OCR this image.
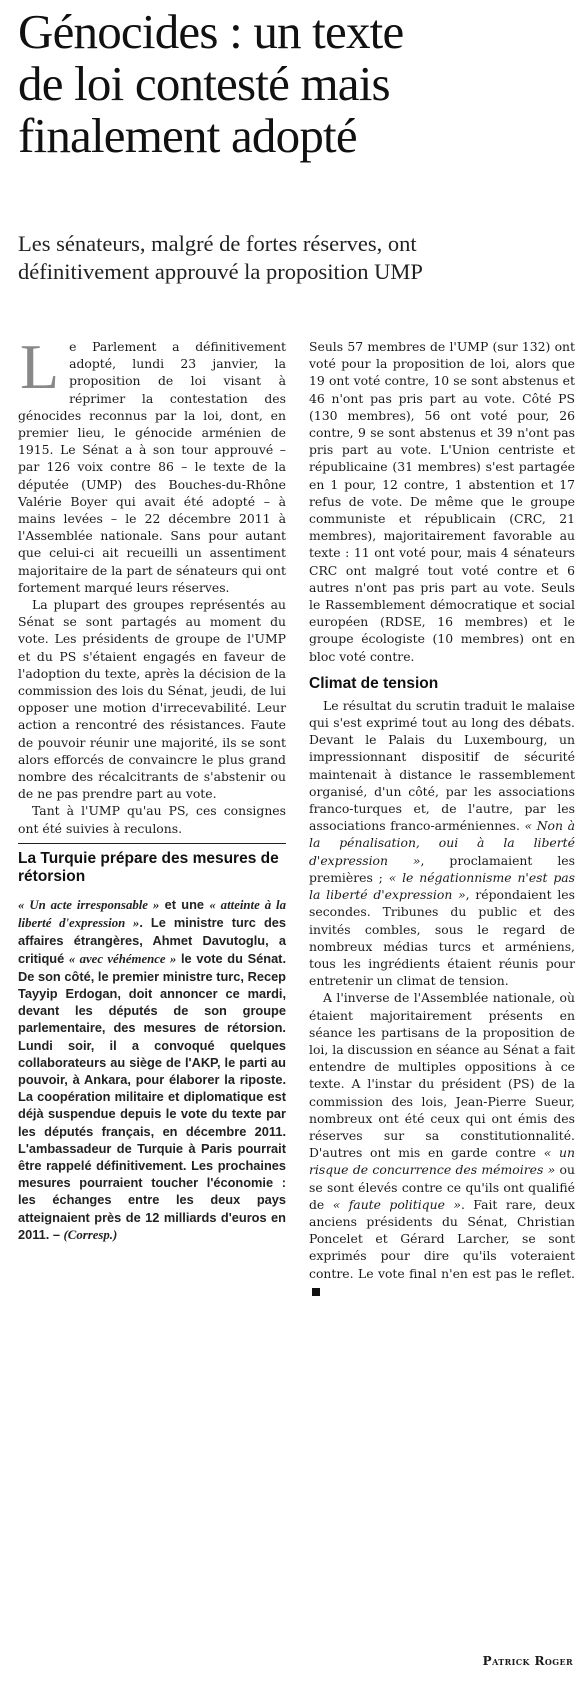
Génocides : un texte
de loi contesté mais
finalement adopté
Les sénateurs, malgré de fortes réserves, ont
définitivement approuvé la proposition UMP

Le Parlement a définitivement adopté, lundi 23 janvier, la proposition de loi visant à réprimer la contestation des génocides reconnus par la loi, dont, en premier lieu, le génocide arménien de 1915. Le Sénat a à son tour approuvé – par 126 voix contre 86 – le texte de la députée (UMP) des Bouches-du-Rhône Valérie Boyer qui avait été adopté – à mains levées – le 22 décembre 2011 à l'Assemblée nationale. Sans pour autant que celui-ci ait recueilli un assentiment majoritaire de la part de sénateurs qui ont fortement marqué leurs réserves.

La plupart des groupes représentés au Sénat se sont partagés au moment du vote. Les présidents de groupe de l'UMP et du PS s'étaient engagés en faveur de l'adoption du texte, après la décision de la commission des lois du Sénat, jeudi, de lui opposer une motion d'irrecevabilité. Leur action a rencontré des résistances. Faute de pouvoir réunir une majorité, ils se sont alors efforcés de convaincre le plus grand nombre des récalcitrants de s'abstenir ou de ne pas prendre part au vote.

Tant à l'UMP qu'au PS, ces consignes ont été suivies à reculons.

La Turquie prépare des mesures de rétorsion

« Un acte irresponsable » et une « atteinte à la liberté d'expression ». Le ministre turc des affaires étrangères, Ahmet Davutoglu, a critiqué « avec véhémence » le vote du Sénat. De son côté, le premier ministre turc, Recep Tayyip Erdogan, doit annoncer ce mardi, devant les députés de son groupe parlementaire, des mesures de rétorsion. Lundi soir, il a convoqué quelques collaborateurs au siège de l'AKP, le parti au pouvoir, à Ankara, pour élaborer la riposte. La coopération militaire et diplomatique est déjà suspendue depuis le vote du texte par les députés français, en décembre 2011. L'ambassadeur de Turquie à Paris pourrait être rappelé définitivement. Les prochaines mesures pourraient toucher l'économie : les échanges entre les deux pays atteignaient près de 12 milliards d'euros en 2011. – (Corresp.)

Seuls 57 membres de l'UMP (sur 132) ont voté pour la proposition de loi, alors que 19 ont voté contre, 10 se sont abstenus et 46 n'ont pas pris part au vote. Côté PS (130 membres), 56 ont voté pour, 26 contre, 9 se sont abstenus et 39 n'ont pas pris part au vote. L'Union centriste et républicaine (31 membres) s'est partagée en 1 pour, 12 contre, 1 abstention et 17 refus de vote. De même que le groupe communiste et républicain (CRC, 21 membres), majoritairement favorable au texte : 11 ont voté pour, mais 4 sénateurs CRC ont malgré tout voté contre et 6 autres n'ont pas pris part au vote. Seuls le Rassemblement démocratique et social européen (RDSE, 16 membres) et le groupe écologiste (10 membres) ont en bloc voté contre.

Climat de tension

Le résultat du scrutin traduit le malaise qui s'est exprimé tout au long des débats. Devant le Palais du Luxembourg, un impressionnant dispositif de sécurité maintenait à distance le rassemblement organisé, d'un côté, par les associations franco-turques et, de l'autre, par les associations franco-arméniennes. « Non à la pénalisation, oui à la liberté d'expression », proclamaient les premières ; « le négationnisme n'est pas la liberté d'expression », répondaient les secondes. Tribunes du public et des invités combles, sous le regard de nombreux médias turcs et arméniens, tous les ingrédients étaient réunis pour entretenir un climat de tension.

A l'inverse de l'Assemblée nationale, où étaient majoritairement présents en séance les partisans de la proposition de loi, la discussion en séance au Sénat a fait entendre de multiples oppositions à ce texte. A l'instar du président (PS) de la commission des lois, Jean-Pierre Sueur, nombreux ont été ceux qui ont émis des réserves sur sa constitutionnalité. D'autres ont mis en garde contre « un risque de concurrence des mémoires » ou se sont élevés contre ce qu'ils ont qualifié de « faute politique ». Fait rare, deux anciens présidents du Sénat, Christian Poncelet et Gérard Larcher, se sont exprimés pour dire qu'ils voteraient contre. Le vote final n'en est pas le reflet.

Patrick Roger
